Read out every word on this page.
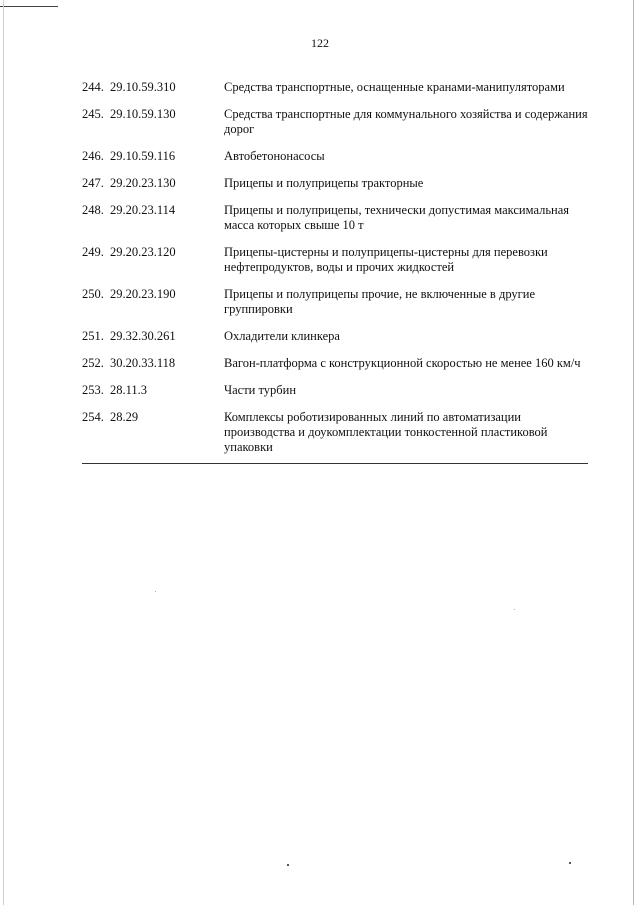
122
244. 29.10.59.310	Средства транспортные, оснащенные кранами-манипуляторами
245. 29.10.59.130	Средства транспортные для коммунального хозяйства и содержания дорог
246. 29.10.59.116	Автобетононасосы
247. 29.20.23.130	Прицепы и полуприцепы тракторные
248. 29.20.23.114	Прицепы и полуприцепы, технически допустимая максимальная масса которых свыше 10 т
249. 29.20.23.120	Прицепы-цистерны и полуприцепы-цистерны для перевозки нефтепродуктов, воды и прочих жидкостей
250. 29.20.23.190	Прицепы и полуприцепы прочие, не включенные в другие группировки
251. 29.32.30.261	Охладители клинкера
252. 30.20.33.118	Вагон-платформа с конструкционной скоростью не менее 160 км/ч
253. 28.11.3	Части турбин
254. 28.29	Комплексы роботизированных линий по автоматизации производства и доукомплектации тонкостенной пластиковой упаковки
